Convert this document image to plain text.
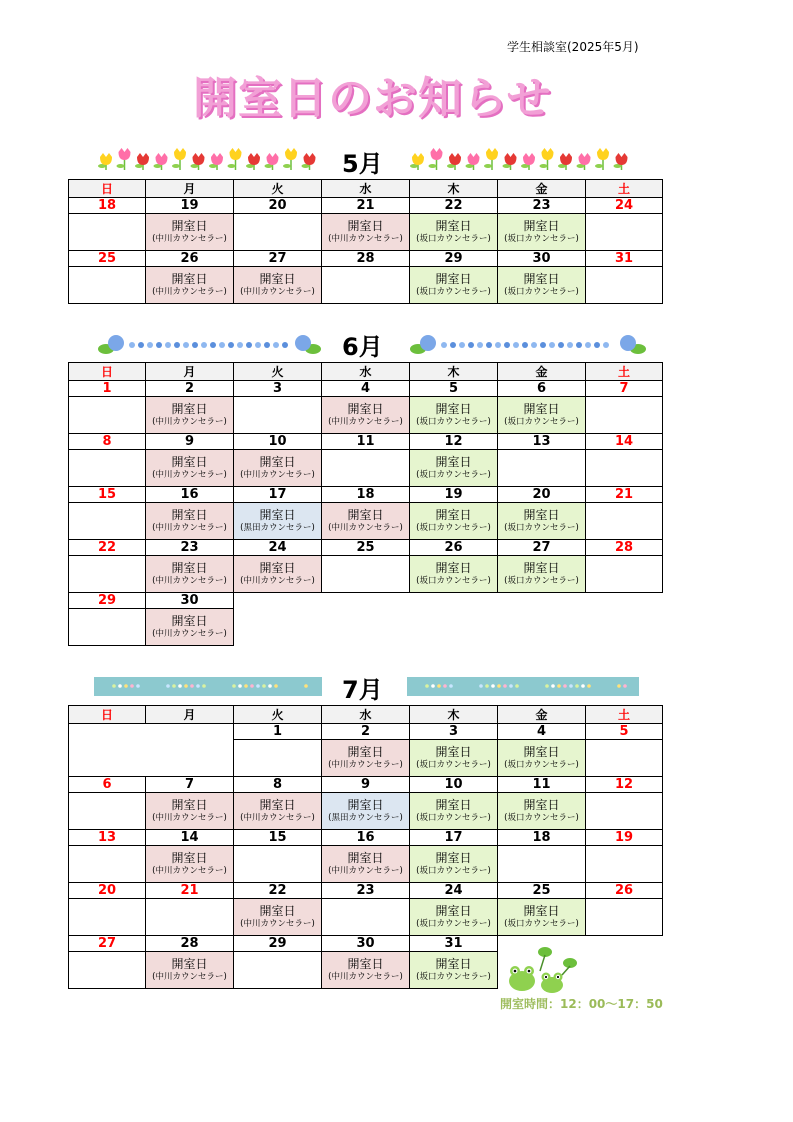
学生相談室(2025年5月)
開室日のお知らせ
5月
6月
7月
日	月	火	水	木	金	土
18	19	20	21	22	23	24

	開室日
(中川カウンセラー)		開室日
(中川カウンセラー)	開室日
(坂口カウンセラー)	開室日
(坂口カウンセラー)	

25	26	27	28	29	30	31

	開室日
(中川カウンセラー)	開室日
(中川カウンセラー)		開室日
(坂口カウンセラー)	開室日
(坂口カウンセラー)	

日	月	火	水	木	金	土
1	2	3	4	5	6	7

	開室日
(中川カウンセラー)		開室日
(中川カウンセラー)	開室日
(坂口カウンセラー)	開室日
(坂口カウンセラー)	

8	9	10	11	12	13	14

	開室日
(中川カウンセラー)	開室日
(中川カウンセラー)		開室日
(坂口カウンセラー)		

15	16	17	18	19	20	21

	開室日
(中川カウンセラー)	開室日
(黒田カウンセラー)	開室日
(中川カウンセラー)	開室日
(坂口カウンセラー)	開室日
(坂口カウンセラー)	

22	23	24	25	26	27	28

	開室日
(中川カウンセラー)	開室日
(中川カウンセラー)		開室日
(坂口カウンセラー)	開室日
(坂口カウンセラー)	

29	30					

	開室日
(中川カウンセラー)					

日	月	火	水	木	金	土
		1	2	3	4	5

			開室日
(中川カウンセラー)	開室日
(坂口カウンセラー)	開室日
(坂口カウンセラー)	

6	7	8	9	10	11	12

	開室日
(中川カウンセラー)	開室日
(中川カウンセラー)	開室日
(黒田カウンセラー)	開室日
(坂口カウンセラー)	開室日
(坂口カウンセラー)	

13	14	15	16	17	18	19

	開室日
(中川カウンセラー)		開室日
(中川カウンセラー)	開室日
(坂口カウンセラー)		

20	21	22	23	24	25	26

		開室日
(中川カウンセラー)		開室日
(坂口カウンセラー)	開室日
(坂口カウンセラー)	

27	28	29	30	31		

	開室日
(中川カウンセラー)		開室日
(中川カウンセラー)	開室日
(坂口カウンセラー)		

開室時間：12：00～17：50
